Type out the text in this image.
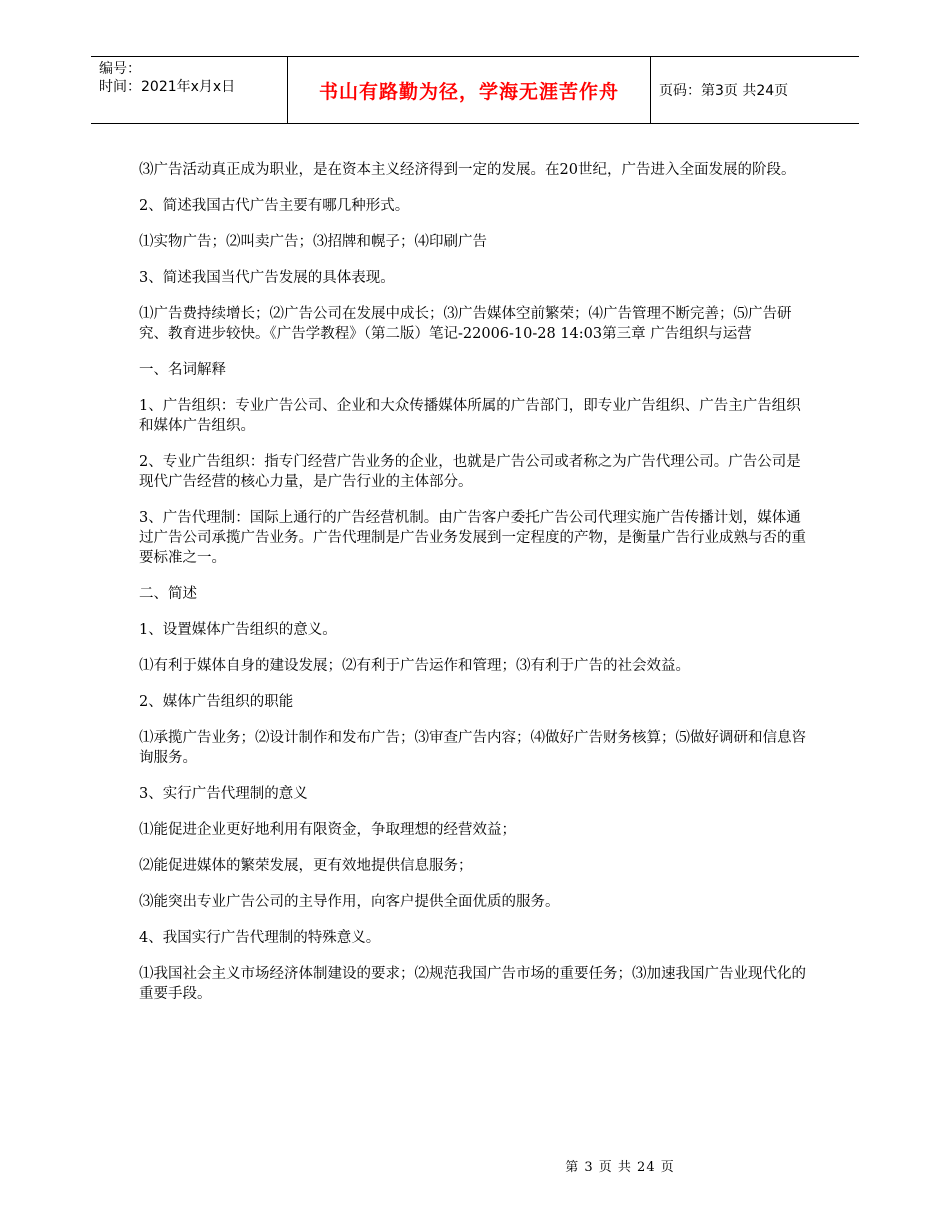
编号：
时间：2021年x月x日	书山有路勤为径，学海无涯苦作舟	页码：第3页 共24页

⑶广告活动真正成为职业，是在资本主义经济得到一定的发展。在20世纪，广告进入全面发展的阶段。

2、简述我国古代广告主要有哪几种形式。

⑴实物广告；⑵叫卖广告；⑶招牌和幌子；⑷印刷广告

3、简述我国当代广告发展的具体表现。

⑴广告费持续增长；⑵广告公司在发展中成长；⑶广告媒体空前繁荣；⑷广告管理不断完善；⑸广告研究、教育进步较快。《广告学教程》（第二版）笔记-22006-10-28 14:03第三章 广告组织与运营

一、名词解释

1、广告组织：专业广告公司、企业和大众传播媒体所属的广告部门，即专业广告组织、广告主广告组织和媒体广告组织。

2、专业广告组织：指专门经营广告业务的企业，也就是广告公司或者称之为广告代理公司。广告公司是现代广告经营的核心力量，是广告行业的主体部分。

3、广告代理制：国际上通行的广告经营机制。由广告客户委托广告公司代理实施广告传播计划，媒体通过广告公司承揽广告业务。广告代理制是广告业务发展到一定程度的产物，是衡量广告行业成熟与否的重要标准之一。

二、简述

1、设置媒体广告组织的意义。

⑴有利于媒体自身的建设发展；⑵有利于广告运作和管理；⑶有利于广告的社会效益。

2、媒体广告组织的职能

⑴承揽广告业务；⑵设计制作和发布广告；⑶审查广告内容；⑷做好广告财务核算；⑸做好调研和信息咨询服务。

3、实行广告代理制的意义

⑴能促进企业更好地利用有限资金，争取理想的经营效益；

⑵能促进媒体的繁荣发展，更有效地提供信息服务；

⑶能突出专业广告公司的主导作用，向客户提供全面优质的服务。

4、我国实行广告代理制的特殊意义。

⑴我国社会主义市场经济体制建设的要求；⑵规范我国广告市场的重要任务；⑶加速我国广告业现代化的重要手段。

第 3 页 共 24 页
